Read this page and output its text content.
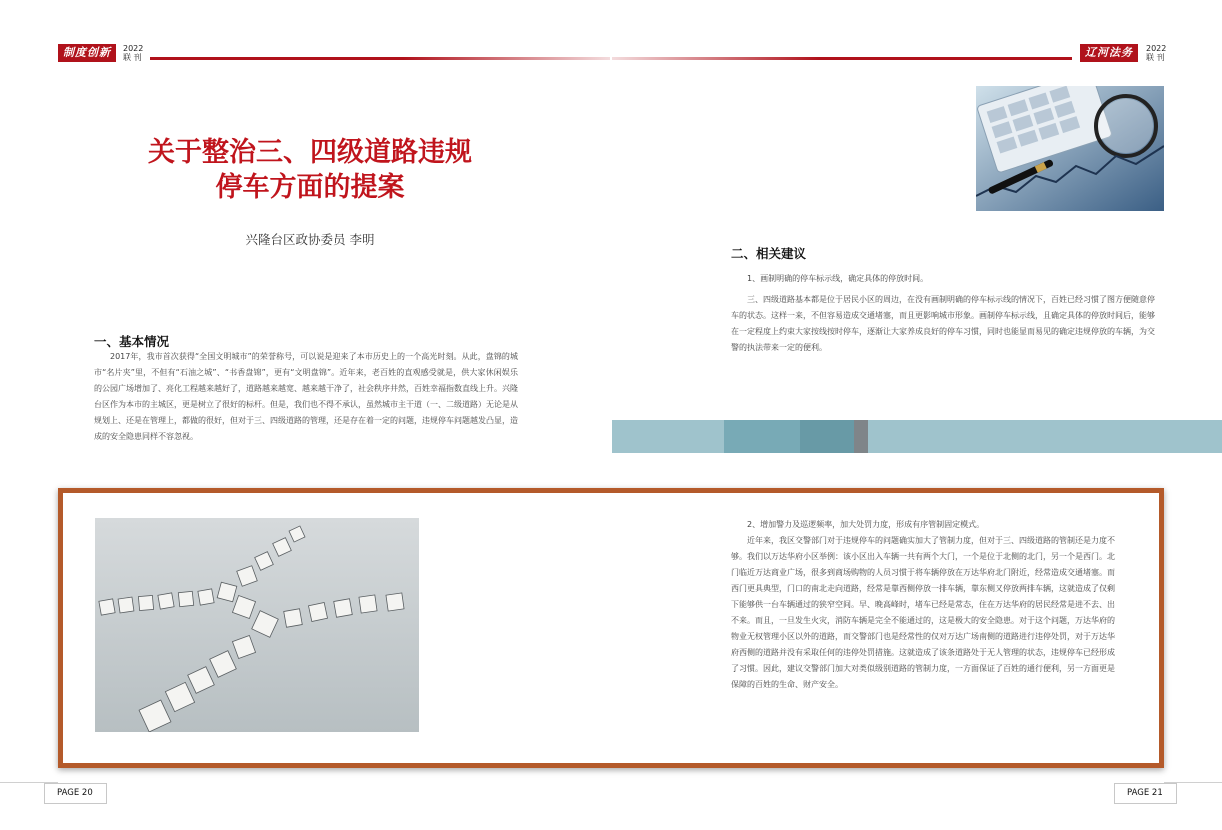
制度创新	2022
联 刊	辽河法务	2022
联 刊
关于整治三、四级道路违规
停车方面的提案
兴隆台区政协委员 李明
一、基本情况

2017年，我市首次获得“全国文明城市”的荣誉称号，可以说是迎来了本市历史上的一个高光时刻。从此，盘锦的城市“名片夹”里，不但有“石油之城”、“书香盘锦”，更有“文明盘锦”。近年来，老百姓的直观感受就是，供大家休闲娱乐的公园广场增加了、亮化工程越来越好了，道路越来越宽、越来越干净了，社会秩序井然，百姓幸福指数直线上升。兴隆台区作为本市的主城区，更是树立了很好的标杆。但是，我们也不得不承认，虽然城市主干道（一、二级道路）无论是从规划上、还是在管理上，都做的很好，但对于三、四级道路的管理，还是存在着一定的问题，违规停车问题越发凸显，造成的安全隐患同样不容忽视。

二、相关建议

1、画制明确的停车标示线，确定具体的停放时间。

三、四级道路基本都是位于居民小区的周边，在没有画制明确的停车标示线的情况下，百姓已经习惯了图方便随意停车的状态。这样一来，不但容易造成交通堵塞，而且更影响城市形象。画制停车标示线，且确定具体的停放时间后，能够在一定程度上约束大家按线按时停车，逐渐让大家养成良好的停车习惯，同时也能显而易见的确定违规停放的车辆，为交警的执法带来一定的便利。

2、增加警力及巡逻频率，加大处罚力度，形成有序管制固定模式。

近年来，我区交警部门对于违规停车的问题确实加大了管制力度，但对于三、四级道路的管制还是力度不够。我们以万达华府小区举例：该小区出入车辆一共有两个大门，一个是位于北侧的北门，另一个是西门。北门临近万达商业广场，很多到商场购物的人员习惯于将车辆停放在万达华府北门附近，经常造成交通堵塞。而西门更具典型，门口的南北走向道路，经常是靠西侧停放一排车辆，靠东侧又停放两排车辆，这就造成了仅剩下能够供一台车辆通过的狭窄空间。早、晚高峰时，堵车已经是常态，住在万达华府的居民经常是进不去、出不来。而且，一旦发生火灾，消防车辆是完全不能通过的，这是极大的安全隐患。对于这个问题，万达华府的物业无权管理小区以外的道路，而交警部门也是经常性的仅对万达广场南侧的道路进行违停处罚，对于万达华府西侧的道路并没有采取任何的违停处罚措施。这就造成了该条道路处于无人管理的状态，违规停车已经形成了习惯。因此，建议交警部门加大对类似级别道路的管制力度，一方面保证了百姓的通行便利，另一方面更是保障的百姓的生命、财产安全。

PAGE 20	PAGE 21
